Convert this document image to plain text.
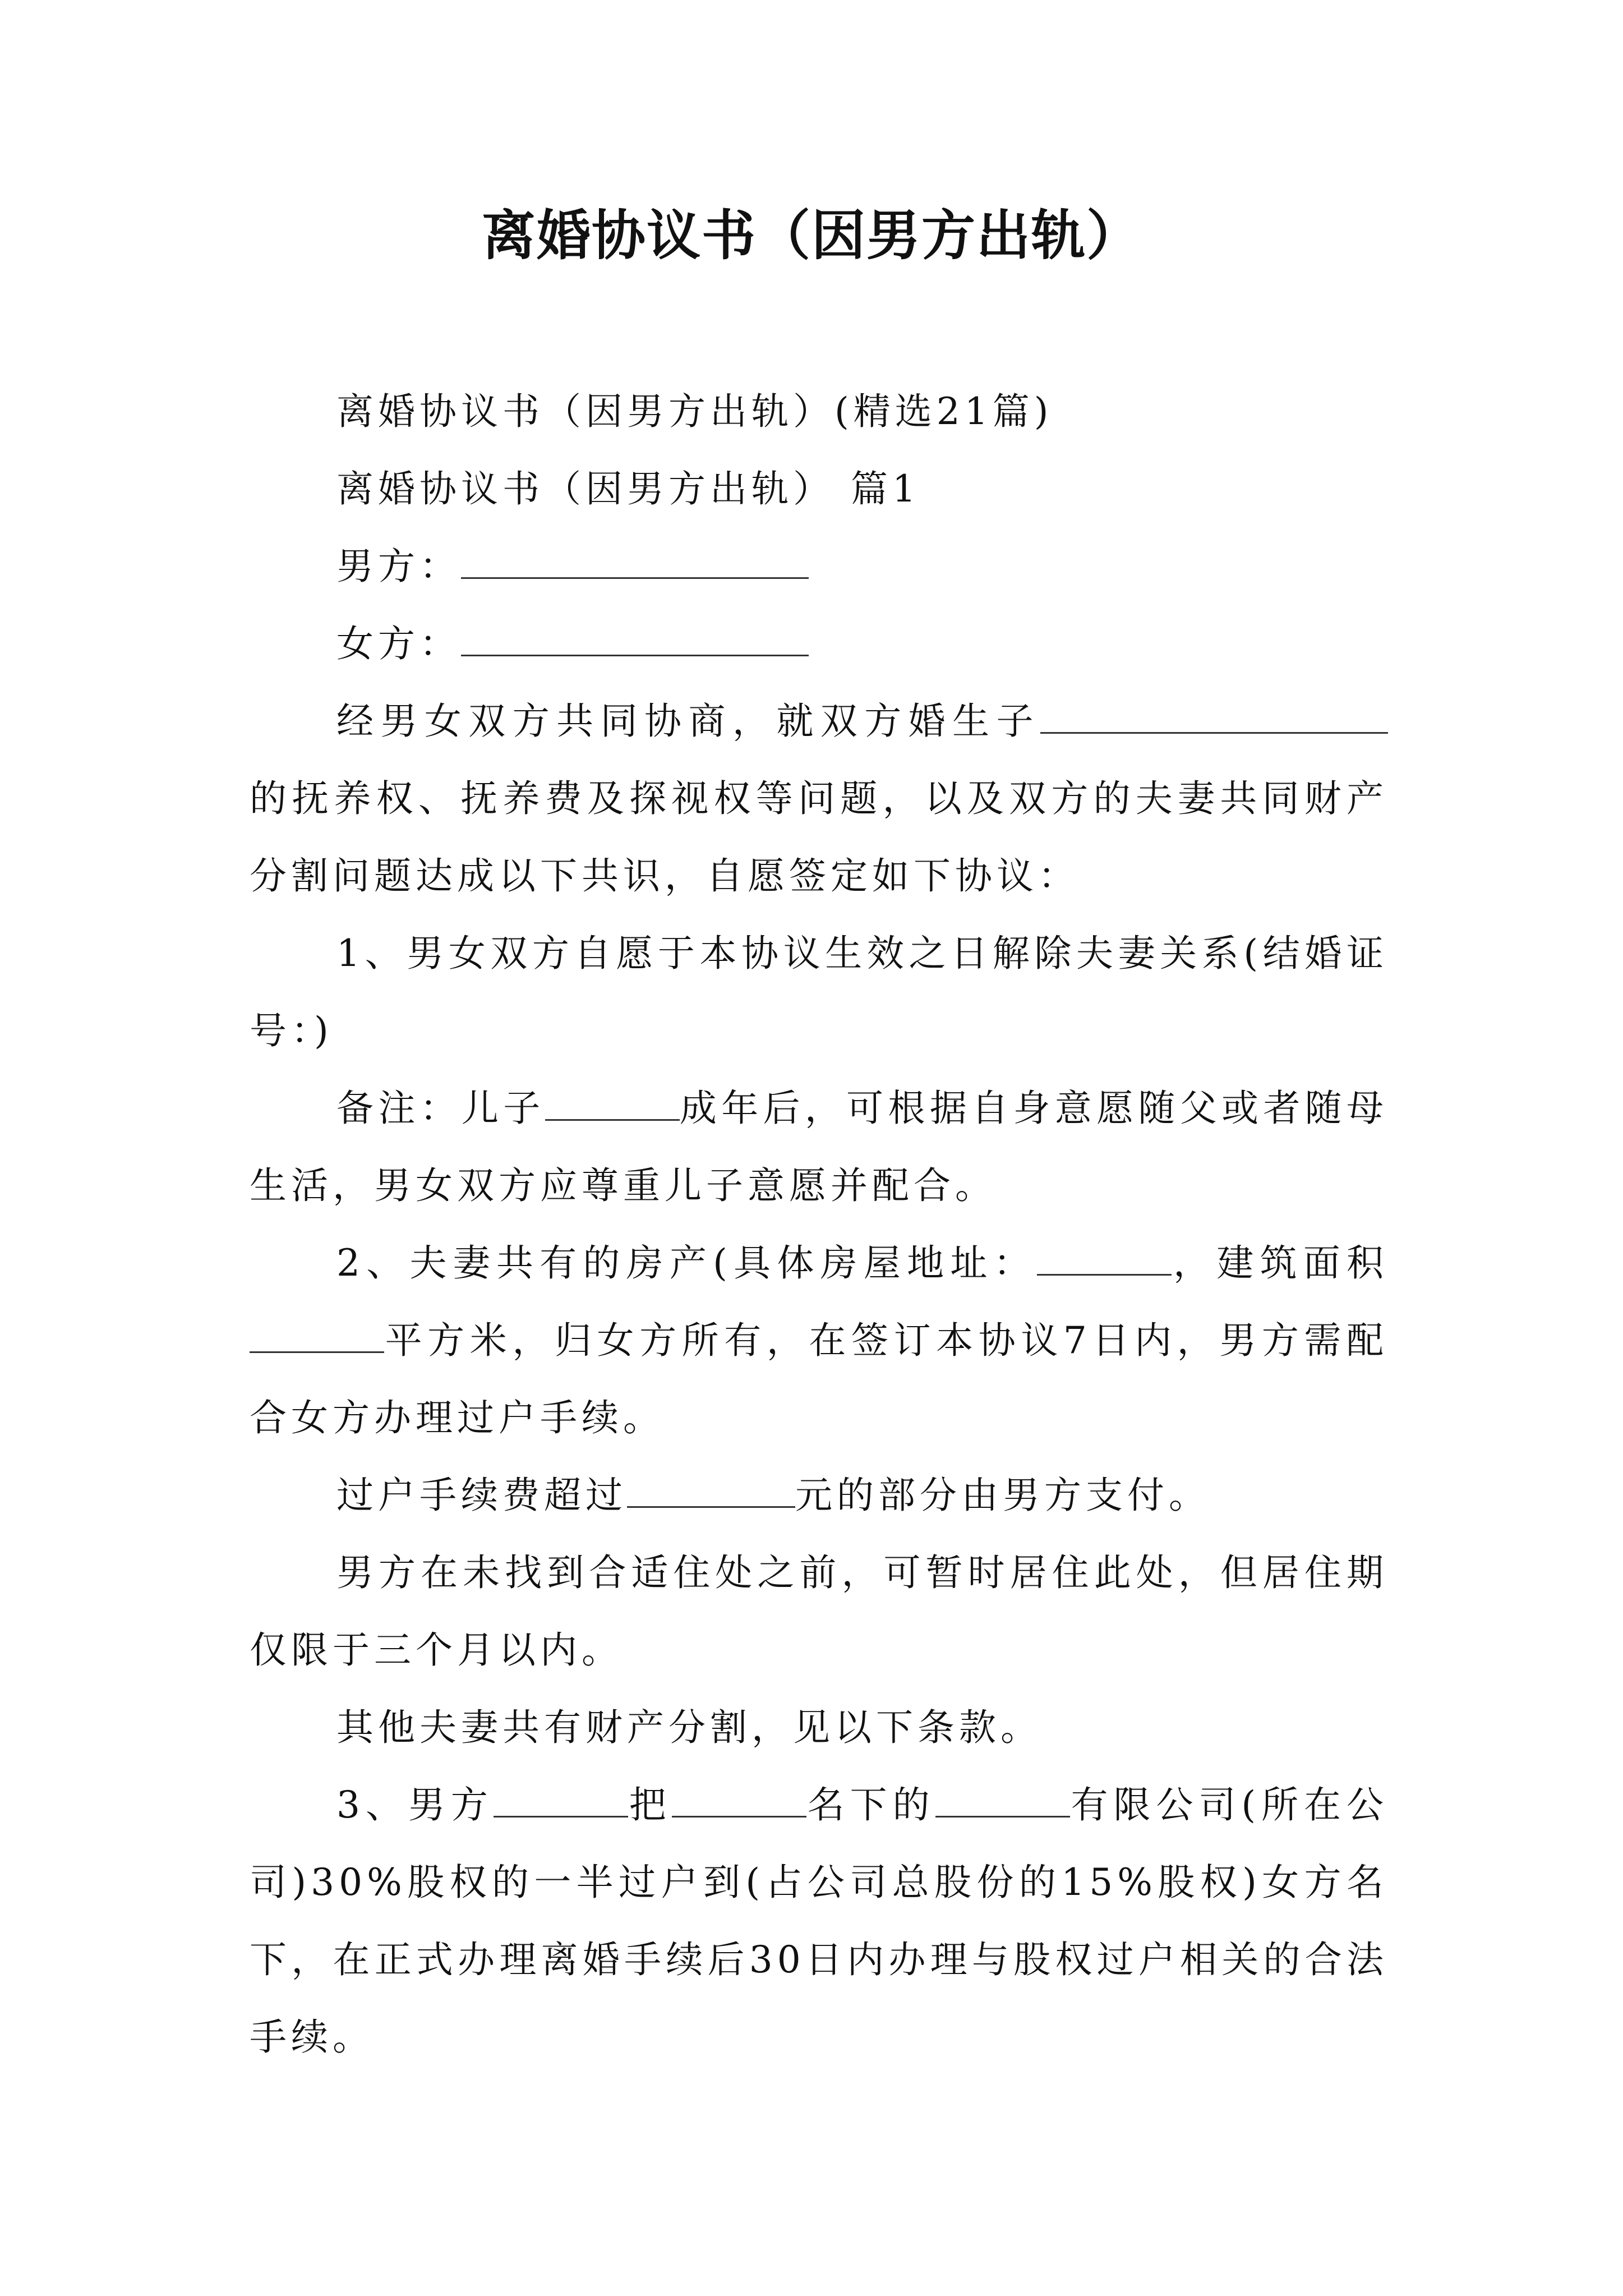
离婚协议书（因男方出轨）

离婚协议书（因男方出轨）(精选21篇)

离婚协议书（因男方出轨） 篇1

男方：

女方：

经男女双方共同协商，就双方婚生子的抚养权、抚养费及探视权等问题，以及双方的夫妻共同财产分割问题达成以下共识，自愿签定如下协议：

1、男女双方自愿于本协议生效之日解除夫妻关系(结婚证号：)

备注：儿子	成年后，可根据自身意愿随父或者随母生活，男女双方应尊重儿子意愿并配合。

2、夫妻共有的房产(具体房屋地址：	，建筑面积平方米，归女方所有，在签订本协议7日内，男方需配合女方办理过户手续。

过户手续费超过	元的部分由男方支付。

男方在未找到合适住处之前，可暂时居住此处，但居住期仅限于三个月以内。

其他夫妻共有财产分割，见以下条款。

3、男方	把	名下的	有限公司(所在公司)30%股权的一半过户到(占公司总股份的15%股权)女方名下，在正式办理离婚手续后30日内办理与股权过户相关的合法手续。
